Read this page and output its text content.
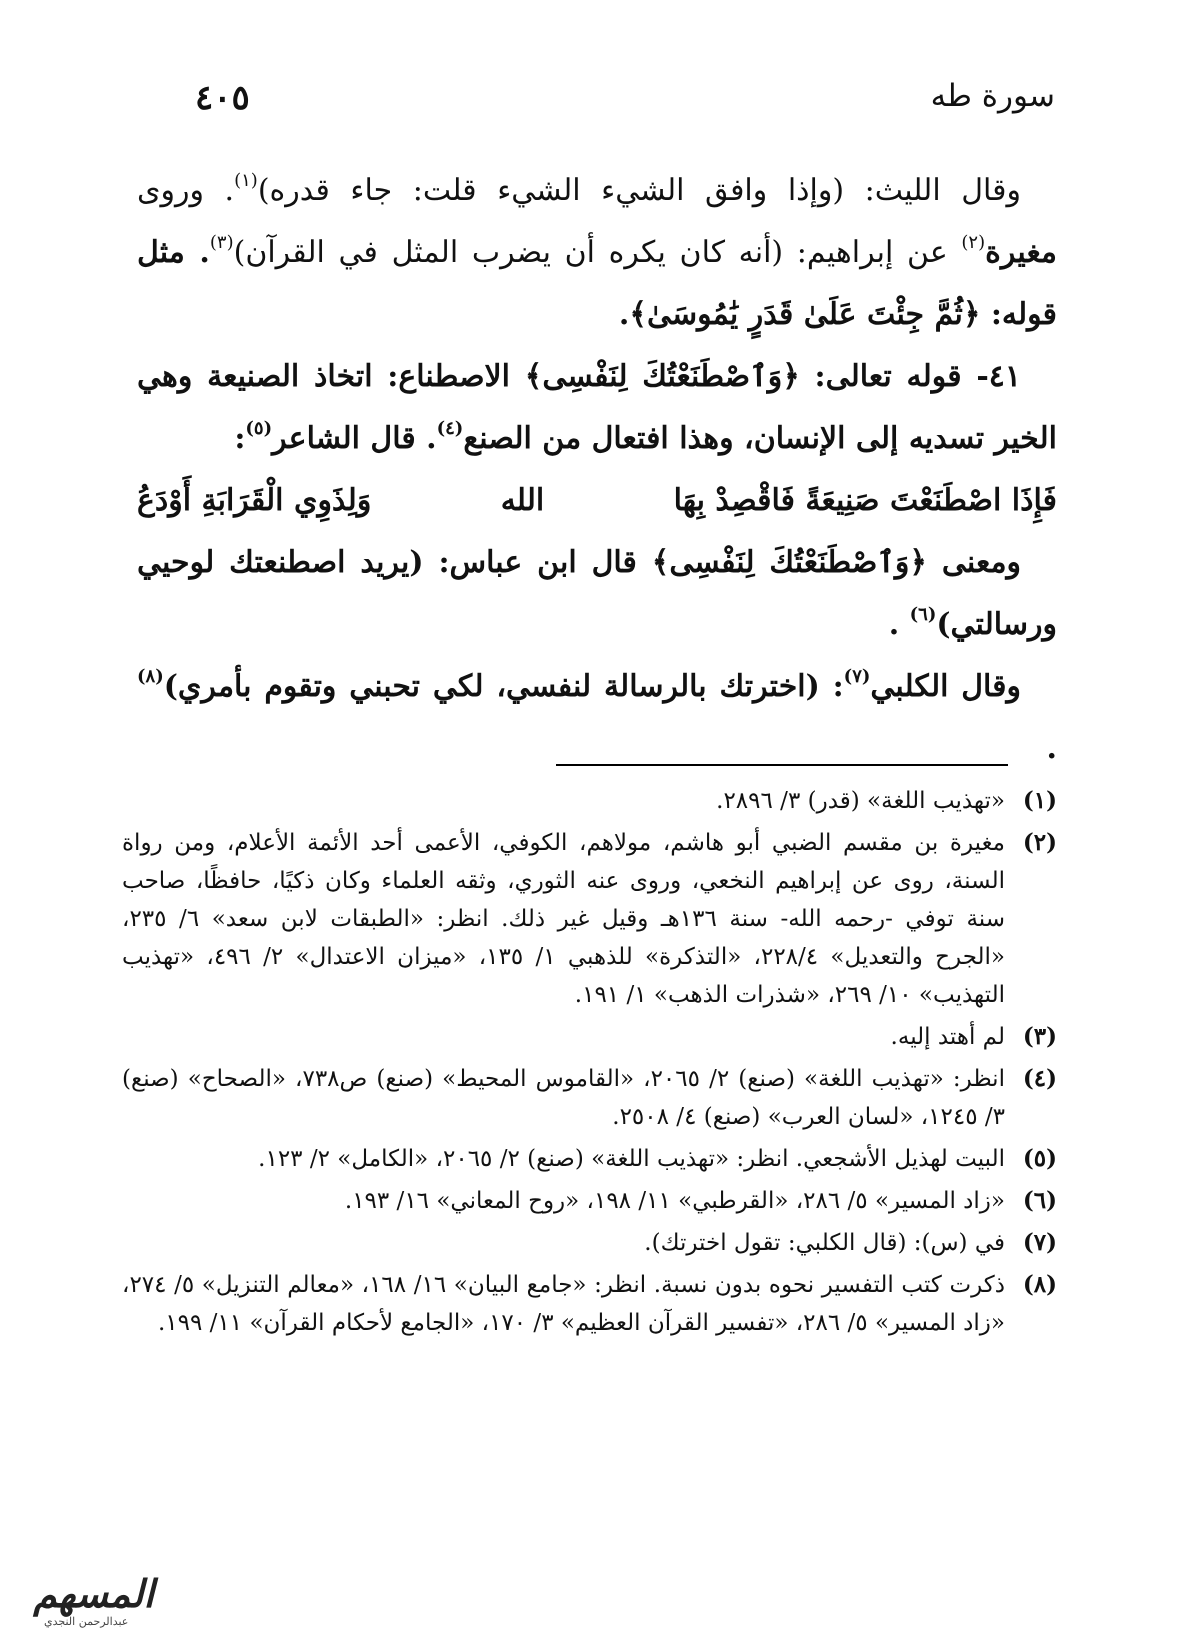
سورة طه
٤٠٥

وقال الليث: (وإذا وافق الشيء الشيء قلت: جاء قدره)$^{(١)}$. وروى مغيرة$^{(٢)}$ عن إبراهيم: (أنه كان يكره أن يضرب المثل في القرآن)$^{(٣)}$. مثل قوله: ﴿ثُمَّ جِئْتَ عَلَىٰ قَدَرٍ يَٰمُوسَىٰ﴾.

٤١- قوله تعالى: ﴿وَٱصْطَنَعْتُكَ لِنَفْسِى﴾ الاصطناع: اتخاذ الصنيعة وهي الخير تسديه إلى الإنسان، وهذا افتعال من الصنع$^{(٤)}$. قال الشاعر$^{(٥)}$:

فَإِذَا اصْطَنَعْتَ صَنِيعَةً فَاقْصِدْ بِهَا
الله
وَلِذَوِي الْقَرَابَةِ أَوْدَعُ

ومعنى ﴿وَٱصْطَنَعْتُكَ لِنَفْسِى﴾ قال ابن عباس: (يريد اصطنعتك لوحيي ورسالتي)$^{(٦)}$ .

وقال الكلبي$^{(٧)}$: (اخترتك بالرسالة لنفسي، لكي تحبني وتقوم بأمري)$^{(٨)}$ .

(١)
«تهذيب اللغة» (قدر) ٣/ ٢٨٩٦.
(٢)
مغيرة بن مقسم الضبي أبو هاشم، مولاهم، الكوفي، الأعمى أحد الأئمة الأعلام، ومن رواة السنة، روى عن إبراهيم النخعي، وروى عنه الثوري، وثقه العلماء وكان ذكيًا، حافظًا، صاحب سنة توفي -رحمه الله- سنة ١٣٦هـ وقيل غير ذلك. انظر: «الطبقات لابن سعد» ٦/ ٢٣٥، «الجرح والتعديل» ٢٢٨/٤، «التذكرة» للذهبي ١/ ١٣٥، «ميزان الاعتدال» ٢/ ٤٩٦، «تهذيب التهذيب» ١٠/ ٢٦٩، «شذرات الذهب» ١/ ١٩١.
(٣)
لم أهتد إليه.
(٤)
انظر: «تهذيب اللغة» (صنع) ٢/ ٢٠٦٥، «القاموس المحيط» (صنع) ص٧٣٨، «الصحاح» (صنع) ٣/ ١٢٤٥، «لسان العرب» (صنع) ٤/ ٢٥٠٨.
(٥)
البيت لهذيل الأشجعي. انظر: «تهذيب اللغة» (صنع) ٢/ ٢٠٦٥، «الكامل» ٢/ ١٢٣.
(٦)
«زاد المسير» ٥/ ٢٨٦، «القرطبي» ١١/ ١٩٨، «روح المعاني» ١٦/ ١٩٣.
(٧)
في (س): (قال الكلبي: تقول اخترتك).
(٨)
ذكرت كتب التفسير نحوه بدون نسبة. انظر: «جامع البيان» ١٦/ ١٦٨، «معالم التنزيل» ٥/ ٢٧٤، «زاد المسير» ٥/ ٢٨٦، «تفسير القرآن العظيم» ٣/ ١٧٠، «الجامع لأحكام القرآن» ١١/ ١٩٩.
المسهم
عبدالرحمن النجدي
